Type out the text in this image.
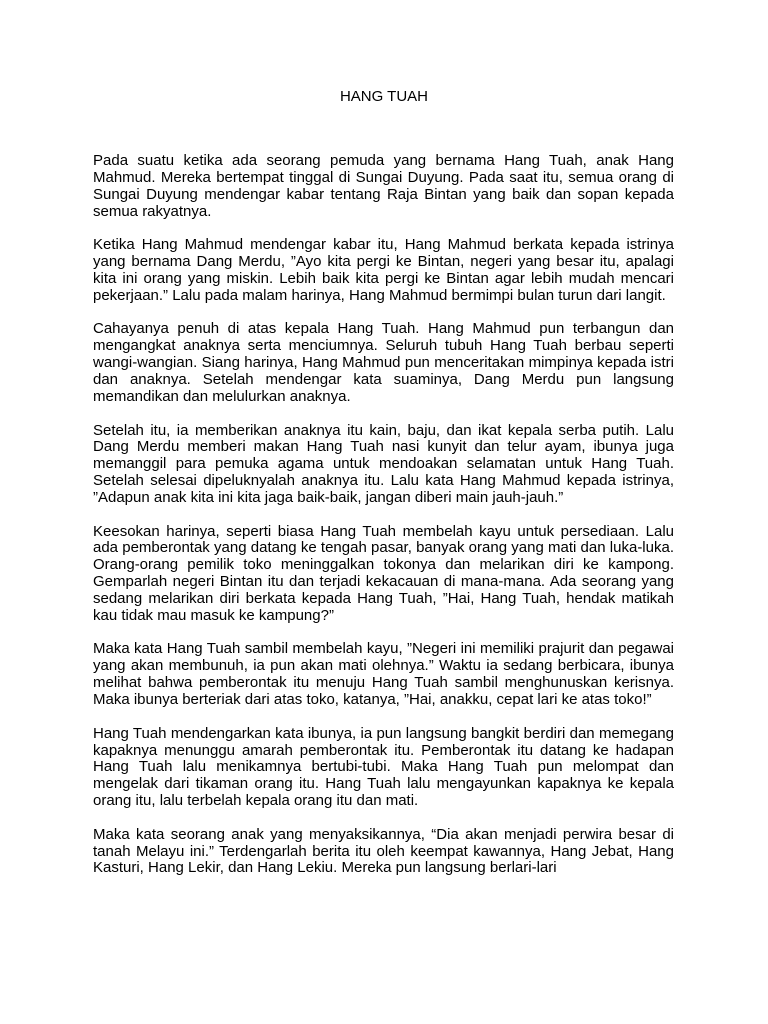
HANG TUAH

Pada suatu ketika ada seorang pemuda yang bernama Hang Tuah, anak Hang Mahmud. Mereka bertempat tinggal di Sungai Duyung. Pada saat itu, semua orang di Sungai Duyung mendengar kabar tentang Raja Bintan yang baik dan sopan kepada semua rakyatnya.

Ketika Hang Mahmud mendengar kabar itu, Hang Mahmud berkata kepada istrinya yang bernama Dang Merdu, ”Ayo kita pergi ke Bintan, negeri yang besar itu, apalagi kita ini orang yang miskin. Lebih baik kita pergi ke Bintan agar lebih mudah mencari pekerjaan.” Lalu pada malam harinya, Hang Mahmud bermimpi bulan turun dari langit.

Cahayanya penuh di atas kepala Hang Tuah. Hang Mahmud pun terbangun dan mengangkat anaknya serta menciumnya. Seluruh tubuh Hang Tuah berbau seperti wangi-wangian. Siang harinya, Hang Mahmud pun menceritakan mimpinya kepada istri dan anaknya. Setelah mendengar kata suaminya, Dang Merdu pun langsung memandikan dan melulurkan anaknya.

Setelah itu, ia memberikan anaknya itu kain, baju, dan ikat kepala serba putih. Lalu Dang Merdu memberi makan Hang Tuah nasi kunyit dan telur ayam, ibunya juga memanggil para pemuka agama untuk mendoakan selamatan untuk Hang Tuah. Setelah selesai dipeluknyalah anaknya itu. Lalu kata Hang Mahmud kepada istrinya, ”Adapun anak kita ini kita jaga baik-baik, jangan diberi main jauh-jauh.”

Keesokan harinya, seperti biasa Hang Tuah membelah kayu untuk persediaan. Lalu ada pemberontak yang datang ke tengah pasar, banyak orang yang mati dan luka-luka. Orang-orang pemilik toko meninggalkan tokonya dan melarikan diri ke kampong. Gemparlah negeri Bintan itu dan terjadi kekacauan di mana-mana. Ada seorang yang sedang melarikan diri berkata kepada Hang Tuah, ”Hai, Hang Tuah, hendak matikah kau tidak mau masuk ke kampung?”

Maka kata Hang Tuah sambil membelah kayu, ”Negeri ini memiliki prajurit dan pegawai yang akan membunuh, ia pun akan mati olehnya.” Waktu ia sedang berbicara, ibunya melihat bahwa pemberontak itu menuju Hang Tuah sambil menghunuskan kerisnya. Maka ibunya berteriak dari atas toko, katanya, ”Hai, anakku, cepat lari ke atas toko!”

Hang Tuah mendengarkan kata ibunya, ia pun langsung bangkit berdiri dan memegang kapaknya menunggu amarah pemberontak itu. Pemberontak itu datang ke hadapan Hang Tuah lalu menikamnya bertubi-tubi. Maka Hang Tuah pun melompat dan mengelak dari tikaman orang itu. Hang Tuah lalu mengayunkan kapaknya ke kepala orang itu, lalu terbelah kepala orang itu dan mati.

Maka kata seorang anak yang menyaksikannya, “Dia akan menjadi perwira besar di tanah Melayu ini.” Terdengarlah berita itu oleh keempat kawannya, Hang Jebat, Hang Kasturi, Hang Lekir, dan Hang Lekiu. Mereka pun langsung berlari-lari
